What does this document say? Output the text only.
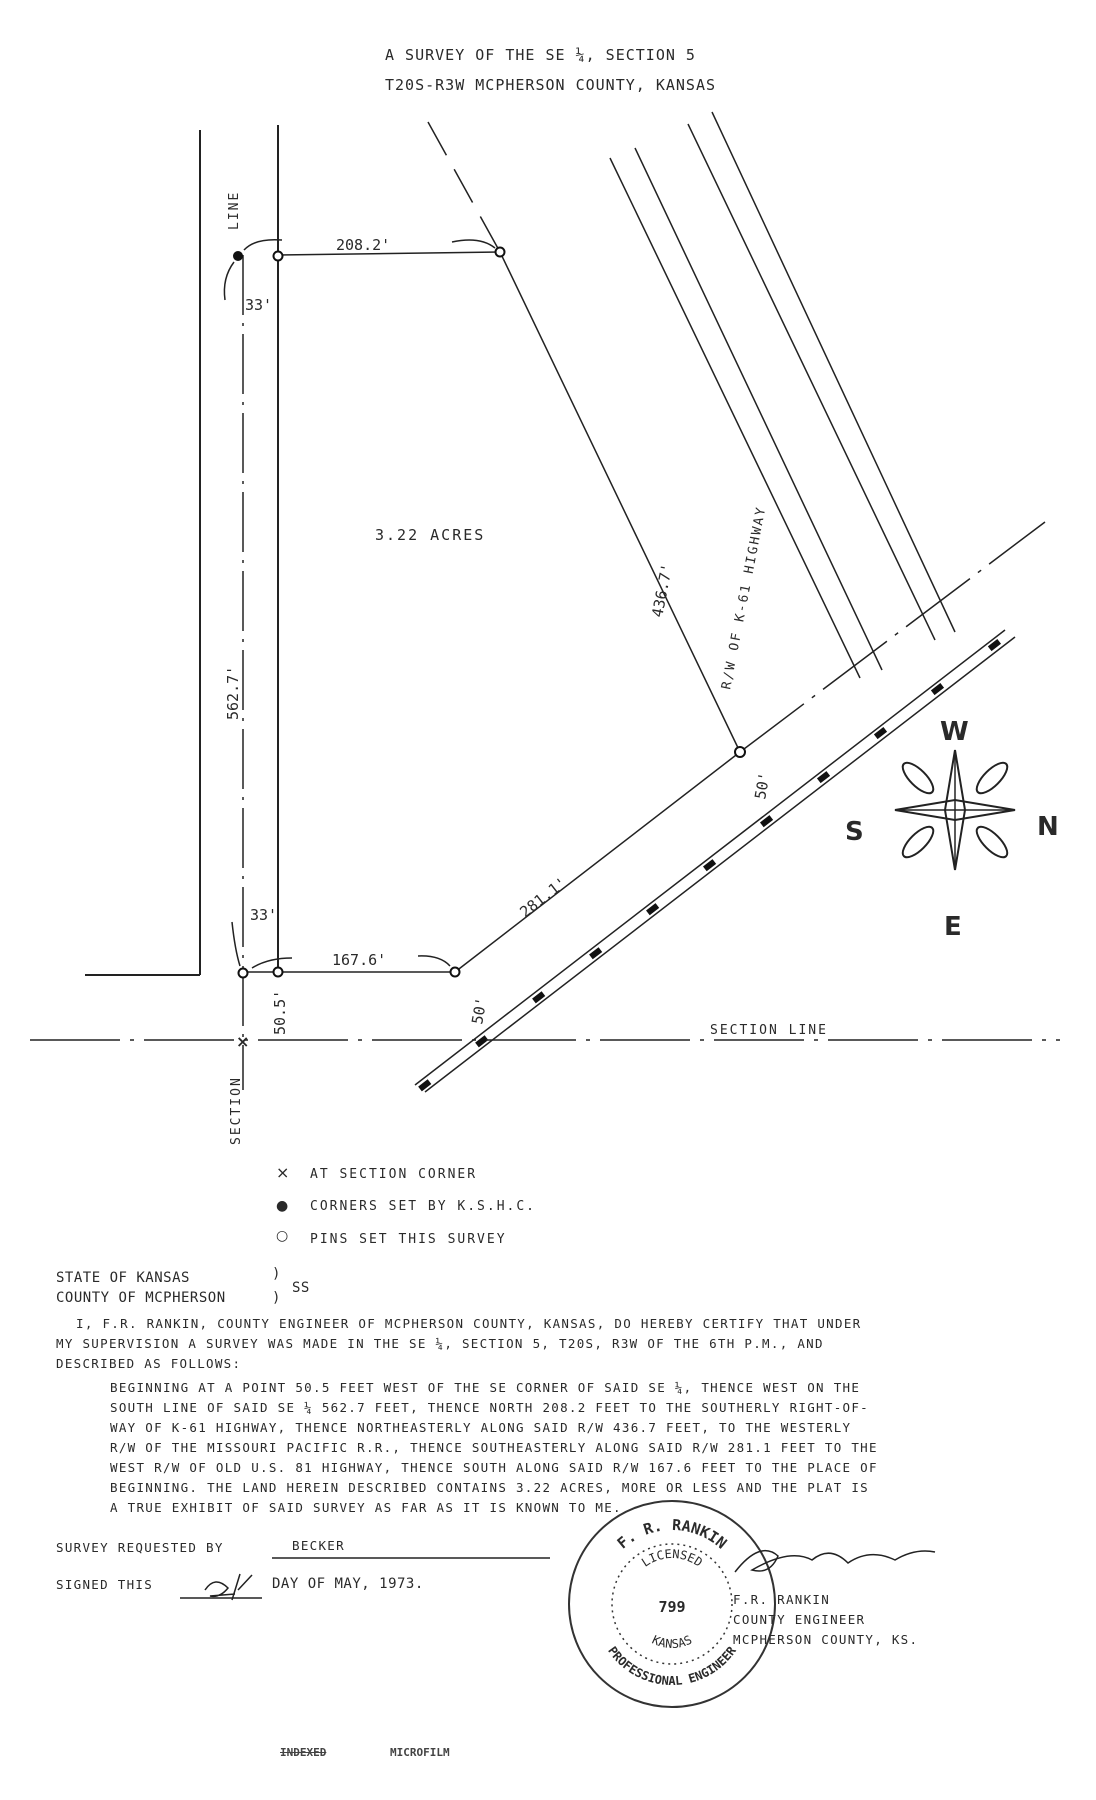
A SURVEY OF THE SE ¼, SECTION 5
T20S-R3W MCPHERSON COUNTY, KANSAS
×
208.2'
167.6'
3.22 ACRES
33'
33'
LINE
562.7'
50.5'
SECTION
436.7'	R/W OF K-61 HIGHWAY
281.1'
50'
50'
SECTION LINE
W
N
E
S
× AT SECTION CORNER
● CORNERS SET BY K.S.H.C.
○ PINS SET THIS SURVEY
F. R. RANKIN
PROFESSIONAL ENGINEER
LICENSED
KANSAS
799
STATE OF KANSAS
COUNTY OF MCPHERSON
)
)
SS
I, F.R. RANKIN, COUNTY ENGINEER OF MCPHERSON COUNTY, KANSAS, DO HEREBY CERTIFY THAT UNDER
MY SUPERVISION A SURVEY WAS MADE IN THE SE ¼, SECTION 5, T20S, R3W OF THE 6TH P.M., AND
DESCRIBED AS FOLLOWS:
BEGINNING AT A POINT 50.5 FEET WEST OF THE SE CORNER OF SAID SE ¼, THENCE WEST ON THE
SOUTH LINE OF SAID SE ¼ 562.7 FEET, THENCE NORTH 208.2 FEET TO THE SOUTHERLY RIGHT-OF-
WAY OF K-61 HIGHWAY, THENCE NORTHEASTERLY ALONG SAID R/W 436.7 FEET, TO THE WESTERLY
R/W OF THE MISSOURI PACIFIC R.R., THENCE SOUTHEASTERLY ALONG SAID R/W 281.1 FEET TO THE
WEST R/W OF OLD U.S. 81 HIGHWAY, THENCE SOUTH ALONG SAID R/W 167.6 FEET TO THE PLACE OF
BEGINNING. THE LAND HEREIN DESCRIBED CONTAINS 3.22 ACRES, MORE OR LESS AND THE PLAT IS
A TRUE EXHIBIT OF SAID SURVEY AS FAR AS IT IS KNOWN TO ME.
SURVEY REQUESTED BY	BECKER
SIGNED THIS	DAY OF MAY, 1973.
F.R. RANKIN
COUNTY ENGINEER
MCPHERSON COUNTY, KS.
INDEXED	MICROFILM
